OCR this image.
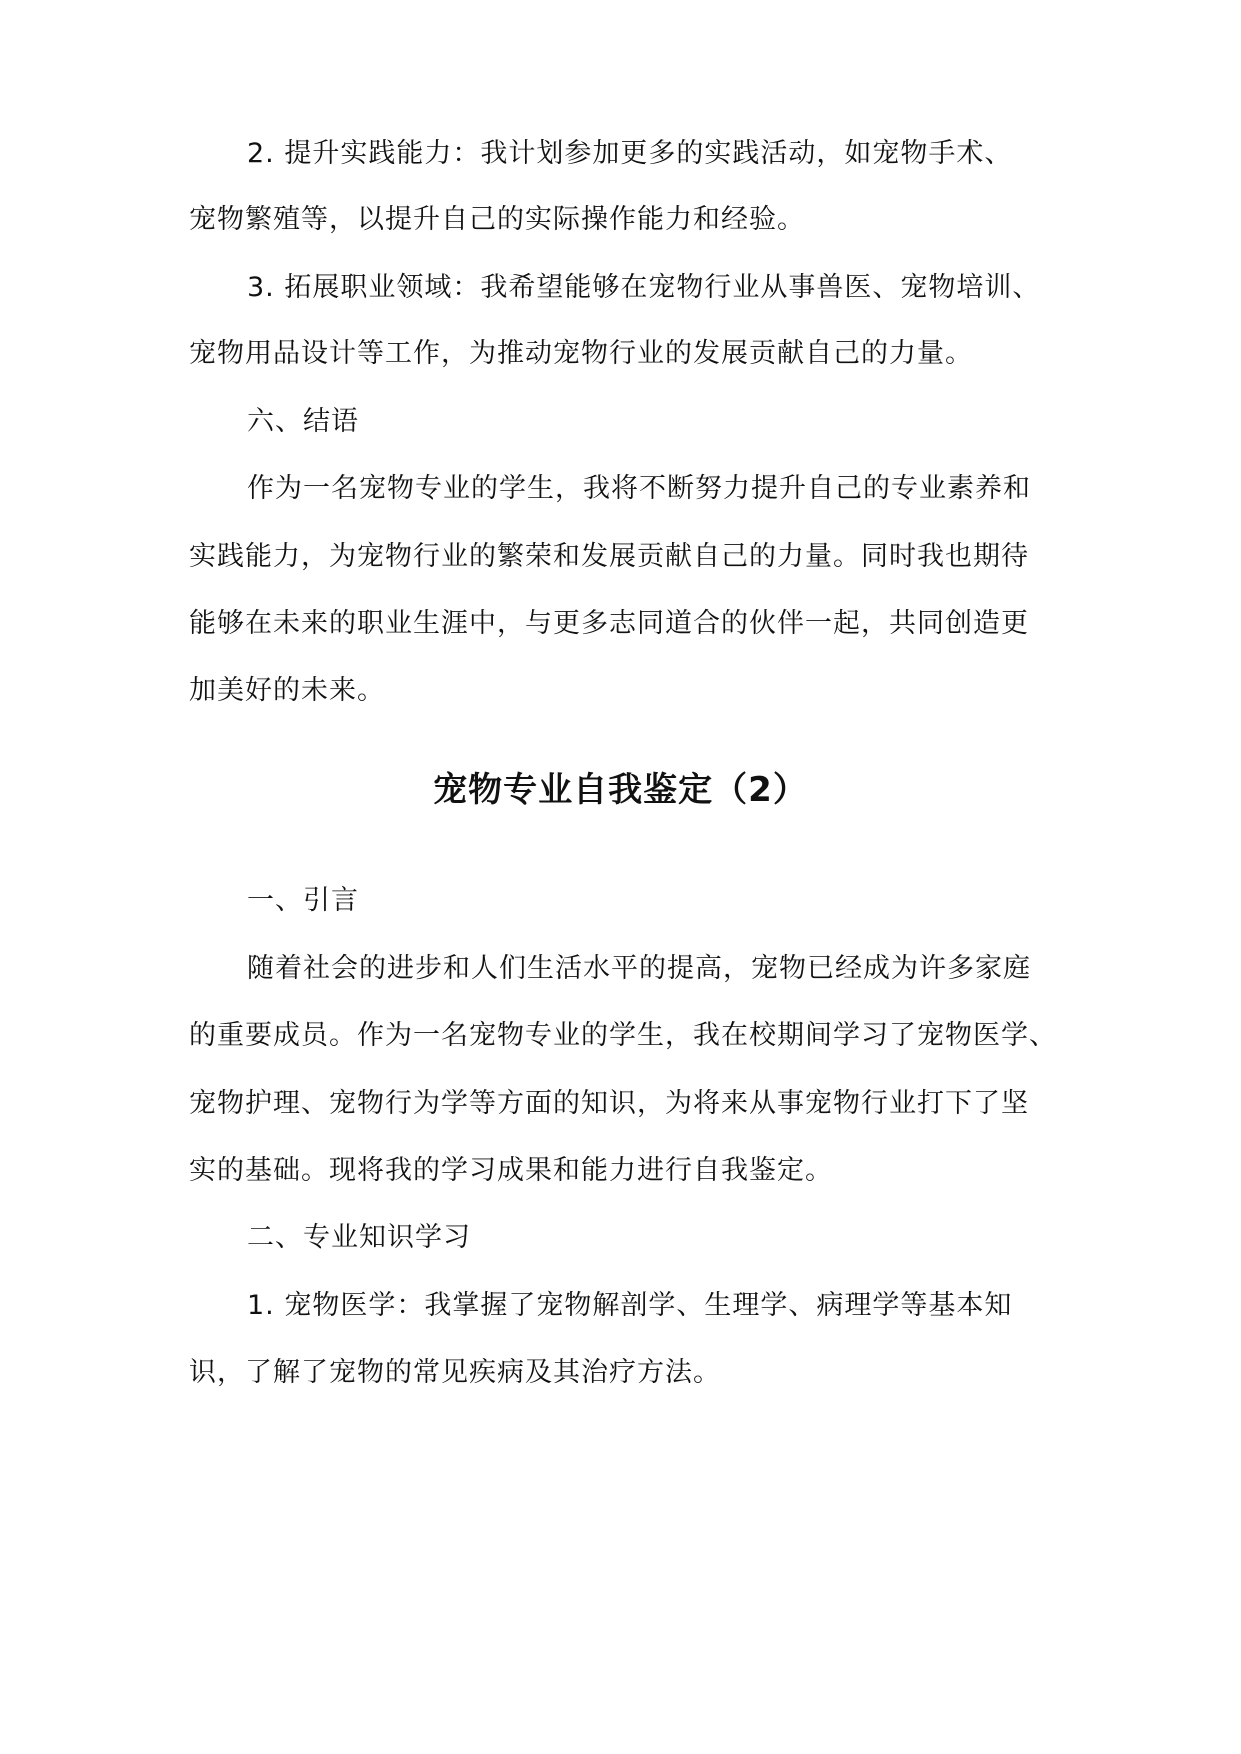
2. 提升实践能力：我计划参加更多的实践活动，如宠物手术、
宠物繁殖等，以提升自己的实际操作能力和经验。
3. 拓展职业领域：我希望能够在宠物行业从事兽医、宠物培训、
宠物用品设计等工作，为推动宠物行业的发展贡献自己的力量。
六、结语
作为一名宠物专业的学生，我将不断努力提升自己的专业素养和
实践能力，为宠物行业的繁荣和发展贡献自己的力量。同时我也期待
能够在未来的职业生涯中，与更多志同道合的伙伴一起，共同创造更
加美好的未来。
宠物专业自我鉴定（2）
一、引言
随着社会的进步和人们生活水平的提高，宠物已经成为许多家庭
的重要成员。作为一名宠物专业的学生，我在校期间学习了宠物医学、
宠物护理、宠物行为学等方面的知识，为将来从事宠物行业打下了坚
实的基础。现将我的学习成果和能力进行自我鉴定。
二、专业知识学习
1. 宠物医学：我掌握了宠物解剖学、生理学、病理学等基本知
识，了解了宠物的常见疾病及其治疗方法。
